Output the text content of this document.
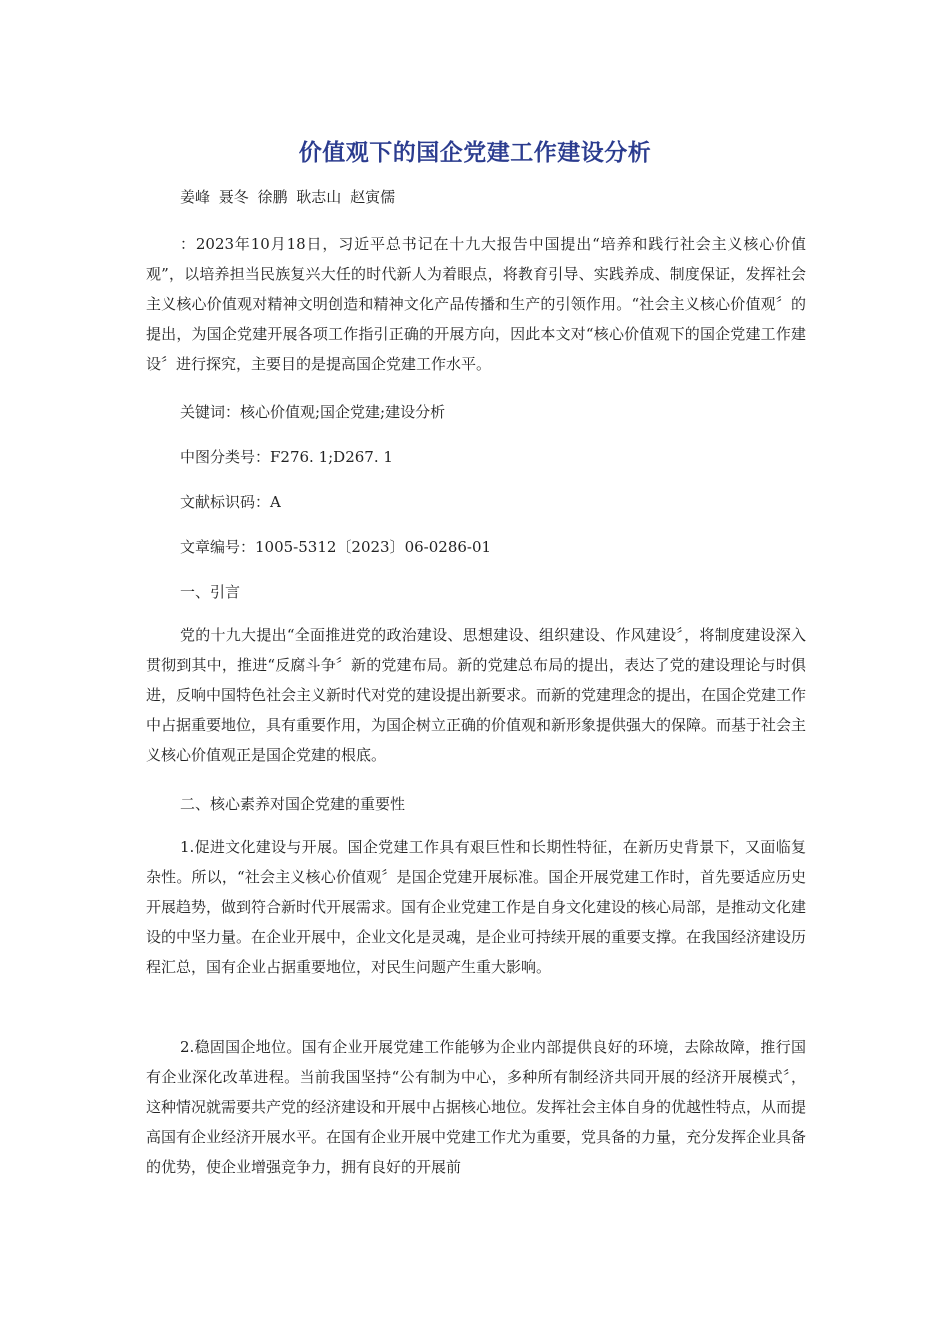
价值观下的国企党建工作建设分析
姜峰 聂冬 徐鹏 耿志山 赵寅儒
：2023年10月18日，习近平总书记在十九大报告中国提出“培养和践行社会主义核心价值观”，以培养担当民族复兴大任的时代新人为着眼点，将教育引导、实践养成、制度保证，发挥社会主义核心价值观对精神文明创造和精神文化产品传播和生产的引领作用。“社会主义核心价值观〞的提出，为国企党建开展各项工作指引正确的开展方向，因此本文对“核心价值观下的国企党建工作建设〞进行探究，主要目的是提高国企党建工作水平。
关键词：核心价值观;国企党建;建设分析
中图分类号：F276. 1;D267. 1
文献标识码：A
文章编号：1005-5312〔2023〕06-0286-01
一、引言
党的十九大提出“全面推进党的政治建设、思想建设、组织建设、作风建设〞，将制度建设深入贯彻到其中，推进“反腐斗争〞新的党建布局。新的党建总布局的提出，表达了党的建设理论与时俱进，反响中国特色社会主义新时代对党的建设提出新要求。而新的党建理念的提出，在国企党建工作中占据重要地位，具有重要作用，为国企树立正确的价值观和新形象提供强大的保障。而基于社会主义核心价值观正是国企党建的根底。
二、核心素养对国企党建的重要性
1.促进文化建设与开展。国企党建工作具有艰巨性和长期性特征，在新历史背景下，又面临复杂性。所以，“社会主义核心价值观〞是国企党建开展标准。国企开展党建工作时，首先要适应历史开展趋势，做到符合新时代开展需求。国有企业党建工作是自身文化建设的核心局部，是推动文化建设的中坚力量。在企业开展中，企业文化是灵魂，是企业可持续开展的重要支撑。在我国经济建设历程汇总，国有企业占据重要地位，对民生问题产生重大影响。
2.稳固国企地位。国有企业开展党建工作能够为企业内部提供良好的环境，去除故障，推行国有企业深化改革进程。当前我国坚持“公有制为中心，多种所有制经济共同开展的经济开展模式〞，这种情况就需要共产党的经济建设和开展中占据核心地位。发挥社会主体自身的优越性特点，从而提高国有企业经济开展水平。在国有企业开展中党建工作尤为重要，党具备的力量，充分发挥企业具备的优势，使企业增强竞争力，拥有良好的开展前
